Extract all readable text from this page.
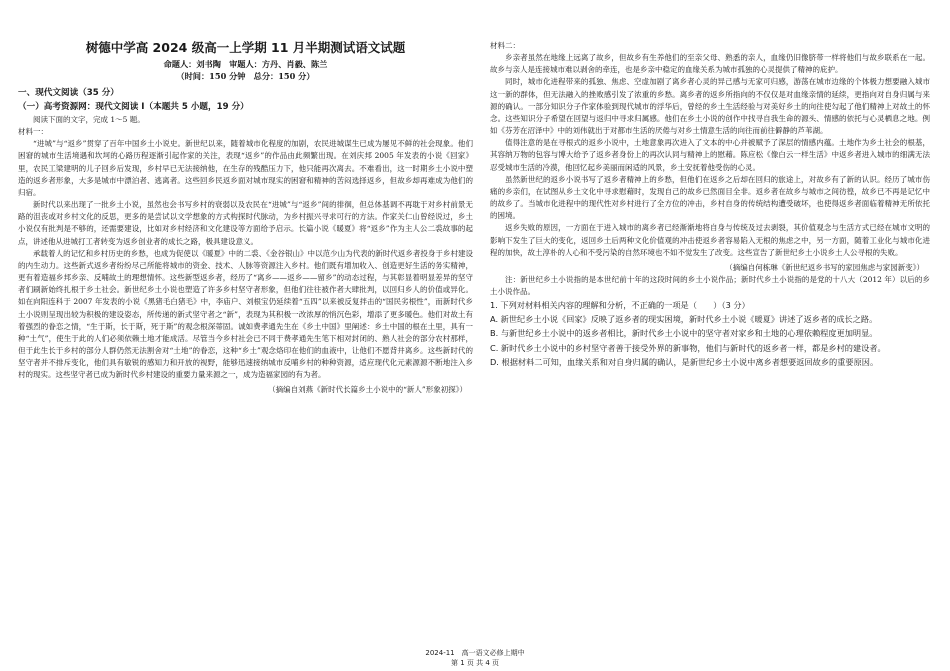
树德中学高 2024 级高一上学期 11 月半期测试语文试题
命题人：刘书陶　审题人：方丹、肖毅、陈兰
（时间：150 分钟　总分：150 分）
一、现代文阅读（35 分）
（一）高考资源网：现代文阅读 I（本题共 5 小题，19 分）

阅读下面的文字，完成 1～5 题。

材料一：

“进城”与“返乡”贯穿了百年中国乡土小说史。新世纪以来，随着城市化程度的加剧，农民进城谋生已成为屡见不鲜的社会现象。他们困窘的城市生活境遇和坎坷的心路历程逐渐引起作家的关注，表现“返乡”的作品由此频繁出现。在刘庆邦 2005 年发表的小说《回家》里，农民工梁建明的儿子回乡后发现，乡村早已无法接纳他，在生存的残酷压力下，他只能再次离去。不难看出，这一时期乡土小说中塑造的返乡者形象，大多是城市中漂泊者、逃离者。这些回乡民返乡面对城市现实的困窘和精神的苦闷选择返乡，但故乡却再难成为他们的归宿。

新时代以来出现了一批乡土小说，虽然也会书写乡村的衰弱以及农民在“进城”与“返乡”间的徘徊，但总体基调不再耽于对乡村前景无路的沮丧或对乡村文化的反思，更多的是尝试以文学想象的方式构探时代脉动，为乡村振兴寻求可行的方法。作家关仁山曾经说过，乡土小说仅有批判是不够的，还需要建设，比如对乡村经济和文化建设等方面给予启示。长篇小说《暖夏》将“返乡”作为主人公二裘故事的起点，讲述他从进城打工者转变为返乡创业者的成长之路，极具建设意义。

承载着人的记忆和乡村历史的乡愁，也成为促使以《暖夏》中的二裘、《金谷银山》中以范少山为代表的新时代返乡者投身于乡村建设的内生动力。这些新式返乡者纷纷尽己所能将城市的资金、技术、人脉等资源注入乡村。他们既有增加收入、创造更好生活的务实精神，更有着造福乡邦乡亲、反哺故土的理想情怀。这些新型返乡者，经历了“离乡——返乡——留乡”的动态过程，与其彰显着明显差异的坚守者们刷新始终扎根于乡土社会。新世纪乡土小说也塑造了许多乡村坚守者形象，但他们往往被作者大肆批判，以回归乡人的价值或异化。如在向阳连科于 2007 年发表的小说《黑猪毛白猪毛》中，李庙户、刘根宝仍延续着“五四”以来被反复拌击的“国民劣根性”，而新时代乡土小说则呈现出较为积极的建设姿态，所传递的新式坚守者之“新”，表现为其积极一改浓厚的悄沉色彩，增添了更多暖色。他们对故土有着强烈的眷恋之情，“生于斯，长于斯，死于斯”的观念根深蒂固。诚如费孝通先生在《乡土中国》里阐述：乡土中国的根在土里，具有一种“土气”，使生于此的人们必须依赖土地才能成活。尽管当今乡村社会已不同于费孝通先生笔下相对封闭的、熟人社会的部分农村那样，但于此生长于乡村的部分人群仍然无法割舍对“土地”的眷恋，这种“乡土”观念烙印在他们的血液中，让他们不愿背井离乡。这些新时代的坚守者并不排斥变化，他们具有敏锐的感知力和开放的视野，能够迅速接纳城市反哺乡村的种种资源，适应现代化元素源源不断地注入乡村的现实。这些坚守者已成为新时代乡村建设的重要力量来源之一，成为造福家园的有为者。

（摘编自刘燕《新时代长篇乡土小说中的“新人”形象初探》）

材料二：

乡亲者虽然在地缘上远离了故乡，但故乡有生养他们的至亲父母、熟悉的亲人，血缘仍旧像脐带一样将他们与故乡联系在一起。故乡与亲人是连接城市难以剥舍的牵连，也是乡亲中稳定的血缘关系为城市孤独的心灵提供了精神的庇护。

同时，城市化进程带来的孤独、焦虑、空虚加剧了离乡者心灵的异己感与无家可归感，游荡在城市边缘的个体极力想要融入城市这一新的群体，但无法融入的挫败感引发了浓重的乡愁。离乡者的返乡所指向的不仅仅是对血缘亲情的延续，更指向对自身归属与来源的确认。一部分知识分子作家体验到现代城市的浮华后，曾经的乡土生活经验与对美好乡土的向往使勾起了他们精神上对故土的怀念。这些知识分子希望在回望与返归中寻求归属感。他们在乡土小说的创作中找寻自我生命的源头、情感的依托与心灵栖息之地。例如《芬芳在沼泽中》中的刘伟就出于对都市生活的厌倦与对乡土情意生活的向往而前往僻静的芦苇湖。

值得注意的是在寻根式的返乡小说中，土地意象再次进入了文本的中心并被赋予了深层的情感内蕴。土地作为乡土社会的根基，其容纳万物的包容与博大给予了返乡者身份上的再次认同与精神上的慰藉。陈应松《像白云一样生活》中返乡者进入城市的细满无法忍受城市生活的冷漠，他回忆起乡美丽而闲适的风景，乡土安抚着他受伤的心灵。

虽然新世纪的返乡小说书写了返乡者精神上的乡愁，但他们在返乡之后却在回归的旅途上，对故乡有了新的认识。经历了城市伤痛的乡亲们，在试图从乡土文化中寻求慰藉时，发现自己的故乡已然面目全非。返乡者在故乡与城市之间彷徨，故乡已不再是记忆中的故乡了。当城市化进程中的现代性对乡村进行了全方位的冲击，乡村自身的传统结构遭受破坏，也使得返乡者面临着精神无所依托的困境。

返乡失败的原因，一方面在于进入城市的离乡者已经渐渐地将自身与传统及过去剥裂，其价值观念与生活方式已经在城市文明的影响下发生了巨大的变化，返回乡土后两种文化价值观的冲击使返乡者容易陷入无根的焦虑之中，另一方面，随着工业化与城市化进程的加快，故土淳朴的人心和不受污染的自然环境也不如不觉发生了改变。这些宣告了新世纪乡土小说乡土人公寻根的失败。

（摘编自何栋琳《新世纪返乡书写的家园焦虑与家园新变》）

注：新世纪乡土小说指的是本世纪前十年的这段时间的乡土小说作品；新时代乡土小说指的是党的十八大（2012 年）以后的乡土小说作品。

1. 下列对材料相关内容的理解和分析，不正确的一项是（　　）（3 分）

A. 新世纪乡土小说《回家》反映了返乡者的现实困境，新时代乡土小说《暖夏》讲述了返乡者的成长之路。

B. 与新世纪乡土小说中的返乡者相比，新时代乡土小说中的坚守者对家乡和土地的心理依赖程度更加明显。

C. 新时代乡土小说中的乡村坚守者善于接受外界的新事物，他们与新时代的返乡者一样，都是乡村的建设者。

D. 根据材料二可知，血缘关系和对自身归属的确认，是新世纪乡土小说中离乡者想要返回故乡的重要原因。

2024-11　高一语文必修上期中
第 1 页 共 4 页
